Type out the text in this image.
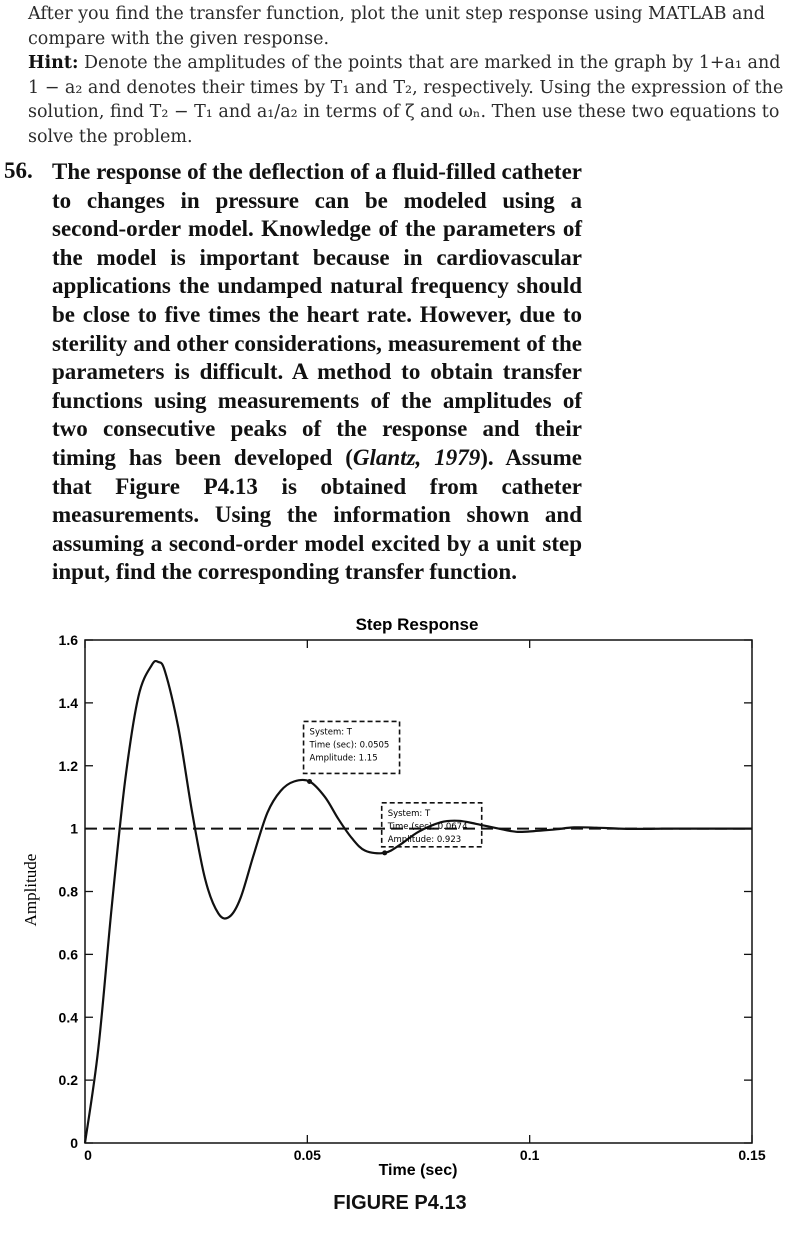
After you find the transfer function, plot the unit step response using MATLAB and compare with the given response.

Hint: Denote the amplitudes of the points that are marked in the graph by 1+a₁ and 1 − a₂ and denotes their times by T₁ and T₂, respectively. Using the expression of the solution, find T₂ − T₁ and a₁/a₂ in terms of ζ and ωₙ. Then use these two equations to solve the problem.

56. The response of the deflection of a fluid-filled catheter to changes in pressure can be modeled using a second-order model. Knowledge of the parameters of the model is important because in cardiovascular applications the undamped natural frequency should be close to five times the heart rate. However, due to sterility and other considerations, measurement of the parameters is difficult. A method to obtain transfer functions using measurements of the amplitudes of two consecutive peaks of the response and their timing has been developed (Glantz, 1979). Assume that Figure P4.13 is obtained from catheter measurements. Using the information shown and assuming a second-order model excited by a unit step input, find the corresponding transfer function.

Step Response
0
0.2
0.4
0.6
0.8
1
1.2
1.4
1.6
0	0.05	0.1	0.15
System: T
Time (sec): 0.0505
Amplitude: 1.15
System: T
Time (sec): 0.0674
Amplitude: 0.923
Time (sec)
Amplitude
FIGURE P4.13
